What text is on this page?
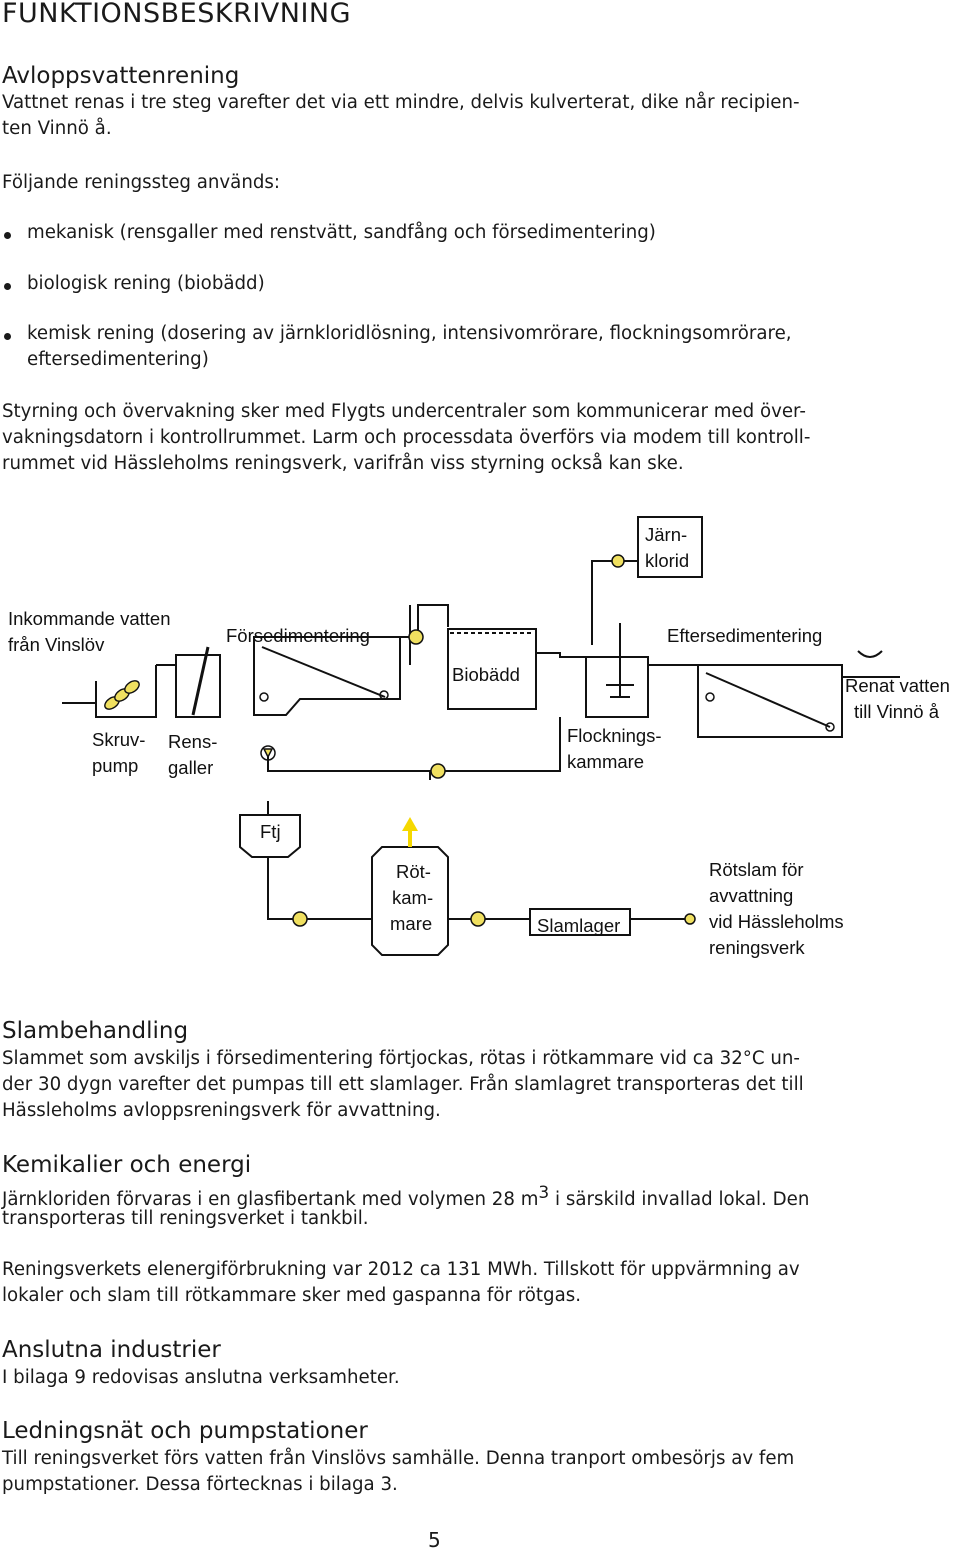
FUNKTIONSBESKRIVNING
Avloppsvattenrening
Vattnet renas i tre steg varefter det via ett mindre, delvis kulverterat, dike når recipien-
ten Vinnö å.
Följande reningssteg används:
mekanisk (rensgaller med renstvätt, sandfång och försedimentering)
biologisk rening (biobädd)
kemisk rening (dosering av järnkloridlösning, intensivomrörare, flockningsomrörare,
eftersedimentering)
Styrning och övervakning sker med Flygts undercentraler som kommunicerar med över-
vakningsdatorn i kontrollrummet. Larm och processdata överförs via modem till kontroll-
rummet vid Hässleholms reningsverk, varifrån viss styrning också kan ske.
Järn-
klorid
Inkommande vatten
från Vinslöv	Försedimentering
Biobädd
Eftersedimentering
Renat vatten
till Vinnö å
Skruv-
pump
Rens-
galler
Flocknings-
kammare
Ftj
Röt-
kam-
mare	Slamlager
Rötslam för
avvattning
vid Hässleholms
reningsverk
Slambehandling
Slammet som avskiljs i försedimentering förtjockas, rötas i rötkammare vid ca 32°C un-
der 30 dygn varefter det pumpas till ett slamlager. Från slamlagret transporteras det till
Hässleholms avloppsreningsverk för avvattning.
Kemikalier och energi
Järnkloriden förvaras i en glasfibertank med volymen 28 $m^3$ i särskild invallad lokal. Den
transporteras till reningsverket i tankbil.
Reningsverkets elenergiförbrukning var 2012 ca 131 MWh. Tillskott för uppvärmning av
lokaler och slam till rötkammare sker med gaspanna för rötgas.
Anslutna industrier
I bilaga 9 redovisas anslutna verksamheter.
Ledningsnät och pumpstationer
Till reningsverket förs vatten från Vinslövs samhälle. Denna tranport ombesörjs av fem
pumpstationer. Dessa förtecknas i bilaga 3.
5
